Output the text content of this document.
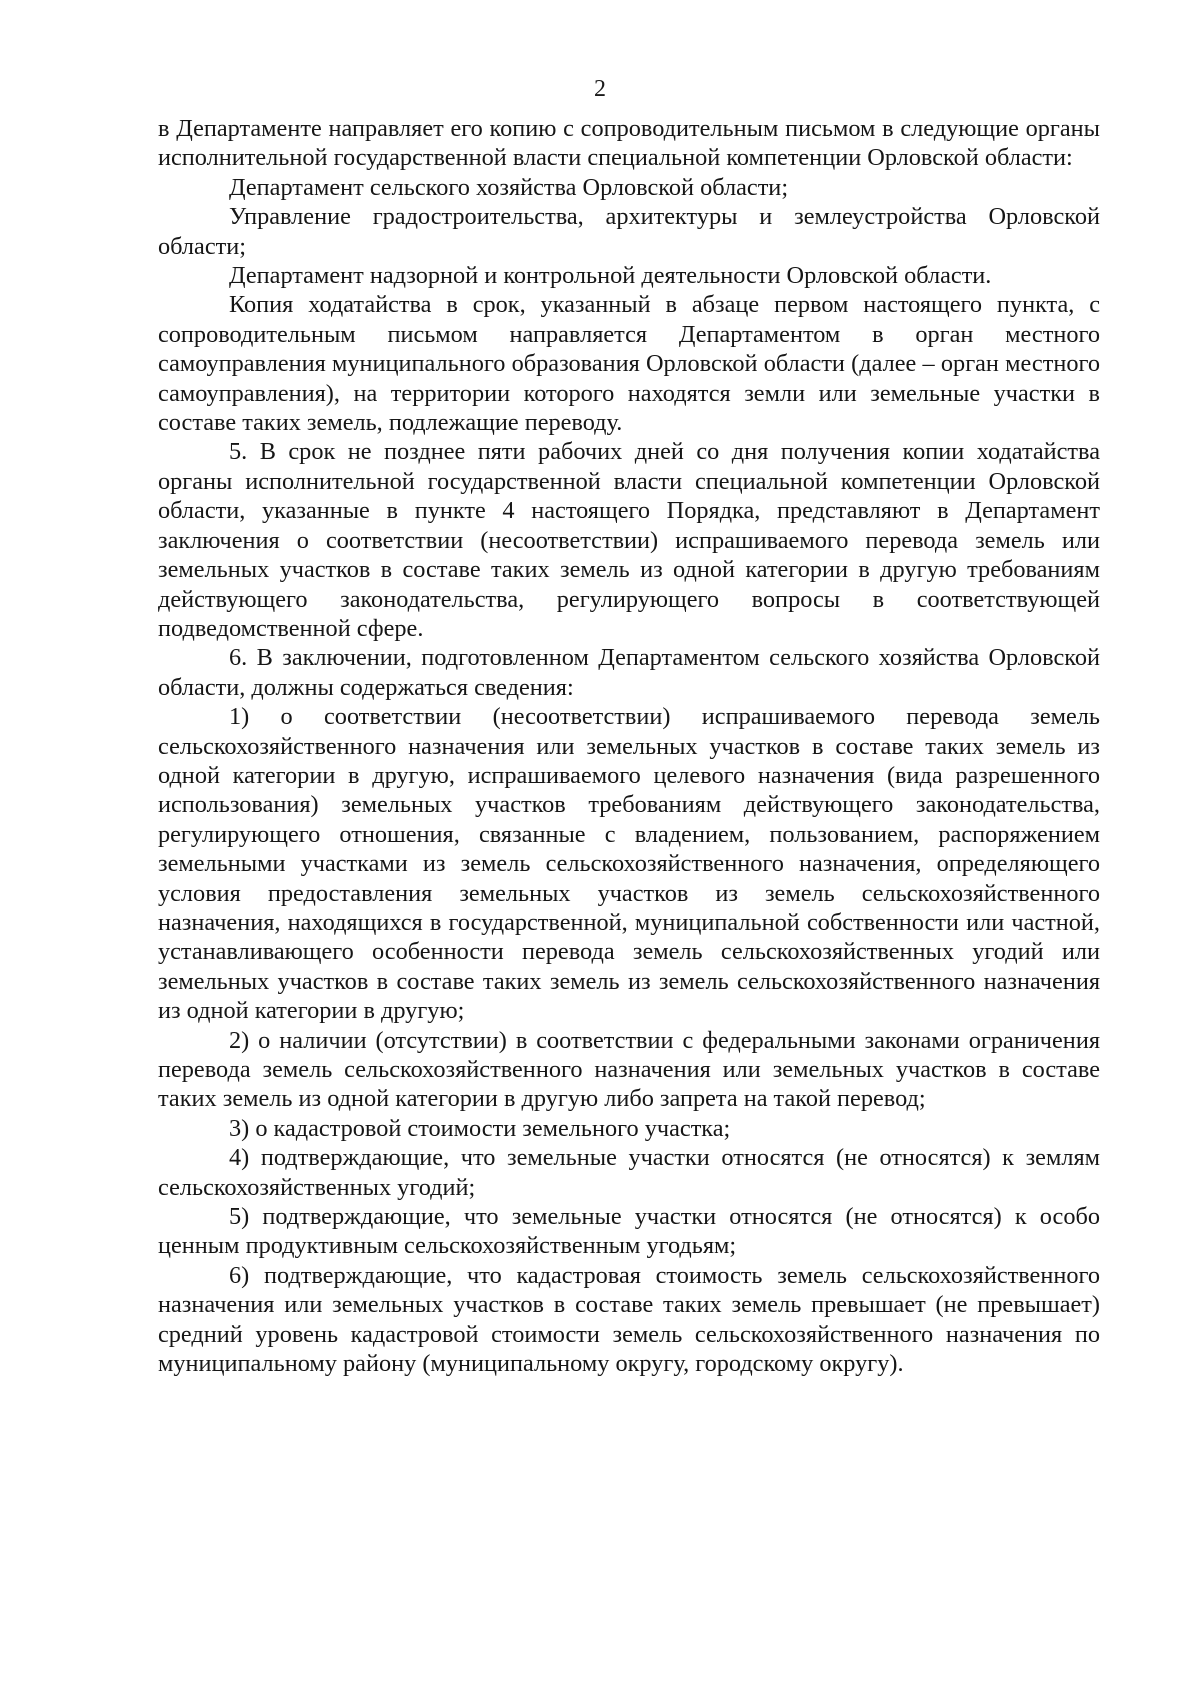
2

в Департаменте направляет его копию с сопроводительным письмом в следующие органы исполнительной государственной власти специальной компетенции Орловской области:

Департамент сельского хозяйства Орловской области;

Управление градостроительства, архитектуры и землеустройства Орловской области;

Департамент надзорной и контрольной деятельности Орловской области.

Копия ходатайства в срок, указанный в абзаце первом настоящего пункта, с сопроводительным письмом направляется Департаментом в орган местного самоуправления муниципального образования Орловской области (далее – орган местного самоуправления), на территории которого находятся земли или земельные участки в составе таких земель, подлежащие переводу.

5. В срок не позднее пяти рабочих дней со дня получения копии ходатайства органы исполнительной государственной власти специальной компетенции Орловской области, указанные в пункте 4 настоящего Порядка, представляют в Департамент заключения о соответствии (несоответствии) испрашиваемого перевода земель или земельных участков в составе таких земель из одной категории в другую требованиям действующего законодательства, регулирующего вопросы в соответствующей подведомственной сфере.

6. В заключении, подготовленном Департаментом сельского хозяйства Орловской области, должны содержаться сведения:

1) о соответствии (несоответствии) испрашиваемого перевода земель сельскохозяйственного назначения или земельных участков в составе таких земель из одной категории в другую, испрашиваемого целевого назначения (вида разрешенного использования) земельных участков требованиям действующего законодательства, регулирующего отношения, связанные с владением, пользованием, распоряжением земельными участками из земель сельскохозяйственного назначения, определяющего условия предоставления земельных участков из земель сельскохозяйственного назначения, находящихся в государственной, муниципальной собственности или частной, устанавливающего особенности перевода земель сельскохозяйственных угодий или земельных участков в составе таких земель из земель сельскохозяйственного назначения из одной категории в другую;

2) о наличии (отсутствии) в соответствии с федеральными законами ограничения перевода земель сельскохозяйственного назначения или земельных участков в составе таких земель из одной категории в другую либо запрета на такой перевод;

3) о кадастровой стоимости земельного участка;

4) подтверждающие, что земельные участки относятся (не относятся) к землям сельскохозяйственных угодий;

5) подтверждающие, что земельные участки относятся (не относятся) к особо ценным продуктивным сельскохозяйственным угодьям;

6) подтверждающие, что кадастровая стоимость земель сельскохозяйственного назначения или земельных участков в составе таких земель превышает (не превышает) средний уровень кадастровой стоимости земель сельскохозяйственного назначения по муниципальному району (муниципальному округу, городскому округу).
